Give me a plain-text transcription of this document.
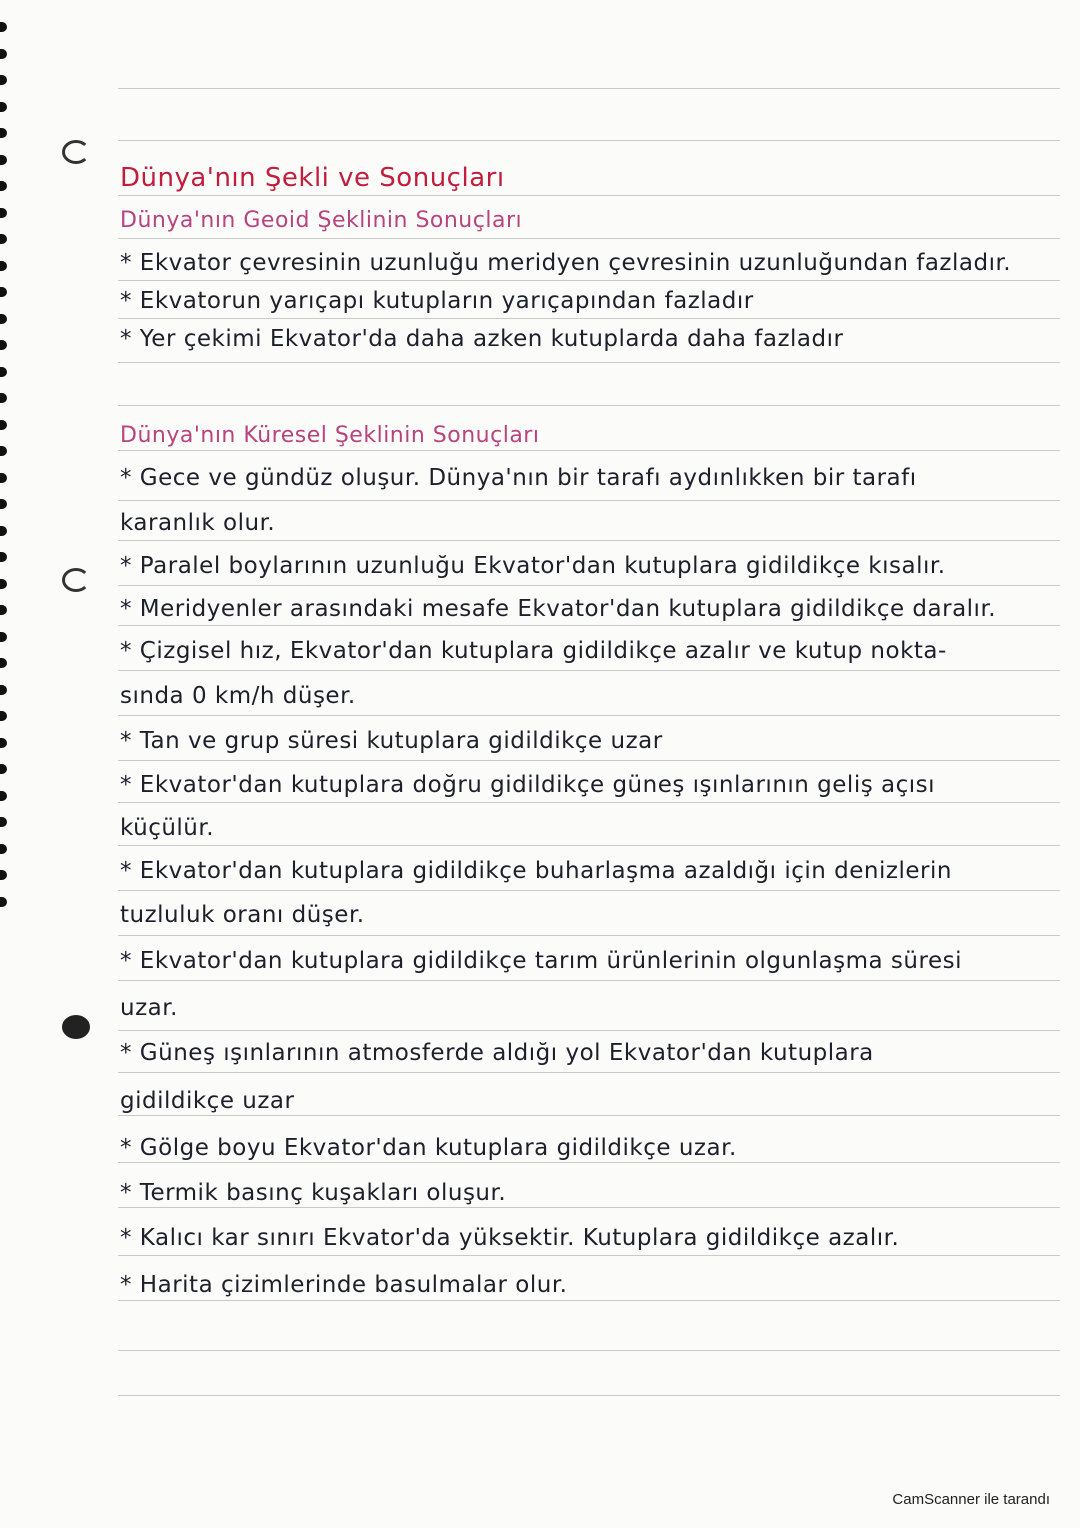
Dünya'nın Şekli ve Sonuçları
Dünya'nın Geoid Şeklinin Sonuçları
* Ekvator çevresinin uzunluğu meridyen çevresinin uzunluğundan fazladır.
* Ekvatorun yarıçapı kutupların yarıçapından fazladır
* Yer çekimi Ekvator'da daha azken kutuplarda daha fazladır
Dünya'nın Küresel Şeklinin Sonuçları
* Gece ve gündüz oluşur. Dünya'nın bir tarafı aydınlıkken bir tarafı
karanlık olur.
* Paralel boylarının uzunluğu Ekvator'dan kutuplara gidildikçe kısalır.
* Meridyenler arasındaki mesafe Ekvator'dan kutuplara gidildikçe daralır.
* Çizgisel hız, Ekvator'dan kutuplara gidildikçe azalır ve kutup nokta-
sında 0 km/h düşer.
* Tan ve grup süresi kutuplara gidildikçe uzar
* Ekvator'dan kutuplara doğru gidildikçe güneş ışınlarının geliş açısı
küçülür.
* Ekvator'dan kutuplara gidildikçe buharlaşma azaldığı için denizlerin
tuzluluk oranı düşer.
* Ekvator'dan kutuplara gidildikçe tarım ürünlerinin olgunlaşma süresi
uzar.
* Güneş ışınlarının atmosferde aldığı yol Ekvator'dan kutuplara
gidildikçe uzar
* Gölge boyu Ekvator'dan kutuplara gidildikçe uzar.
* Termik basınç kuşakları oluşur.
* Kalıcı kar sınırı Ekvator'da yüksektir. Kutuplara gidildikçe azalır.
* Harita çizimlerinde basulmalar olur.
CamScanner ile tarandı
